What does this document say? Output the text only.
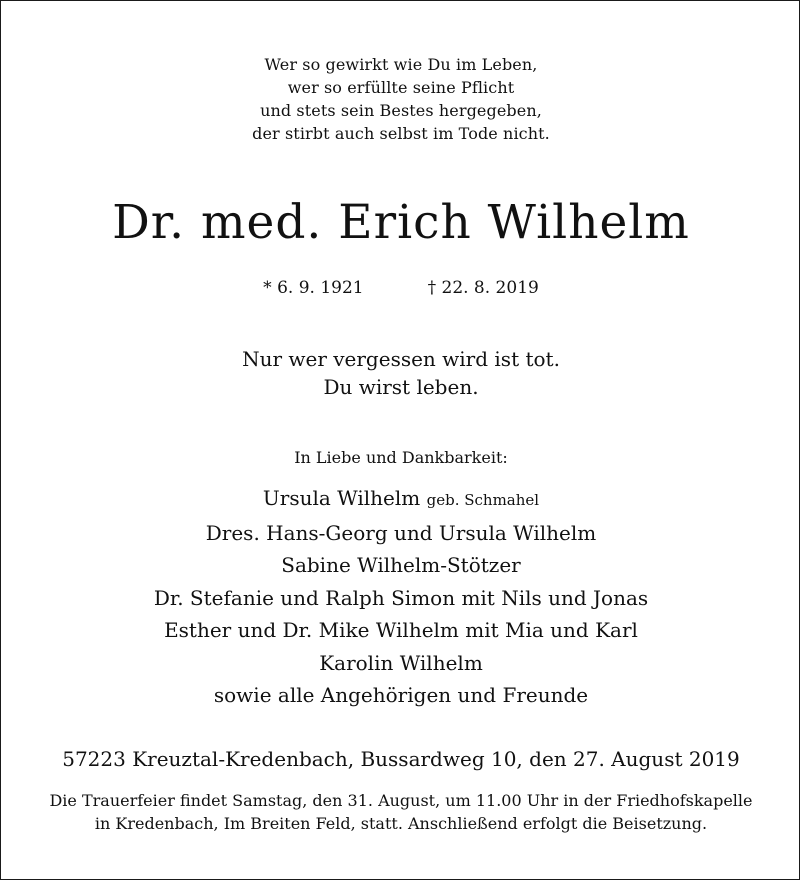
Wer so gewirkt wie Du im Leben,
wer so erfüllte seine Pflicht
und stets sein Bestes hergegeben,
der stirbt auch selbst im Tode nicht.
Dr. med. Erich Wilhelm
* 6. 9. 1921	† 22. 8. 2019
Nur wer vergessen wird ist tot.
Du wirst leben.
In Liebe und Dankbarkeit:
Ursula Wilhelm geb. Schmahel
Dres. Hans-Georg und Ursula Wilhelm
Sabine Wilhelm-Stötzer
Dr. Stefanie und Ralph Simon mit Nils und Jonas
Esther und Dr. Mike Wilhelm mit Mia und Karl
Karolin Wilhelm
sowie alle Angehörigen und Freunde
57223 Kreuztal-Kredenbach, Bussardweg 10, den 27. August 2019
Die Trauerfeier findet Samstag, den 31. August, um 11.00 Uhr in der Friedhofskapelle
in Kredenbach, Im Breiten Feld, statt. Anschließend erfolgt die Beisetzung.
